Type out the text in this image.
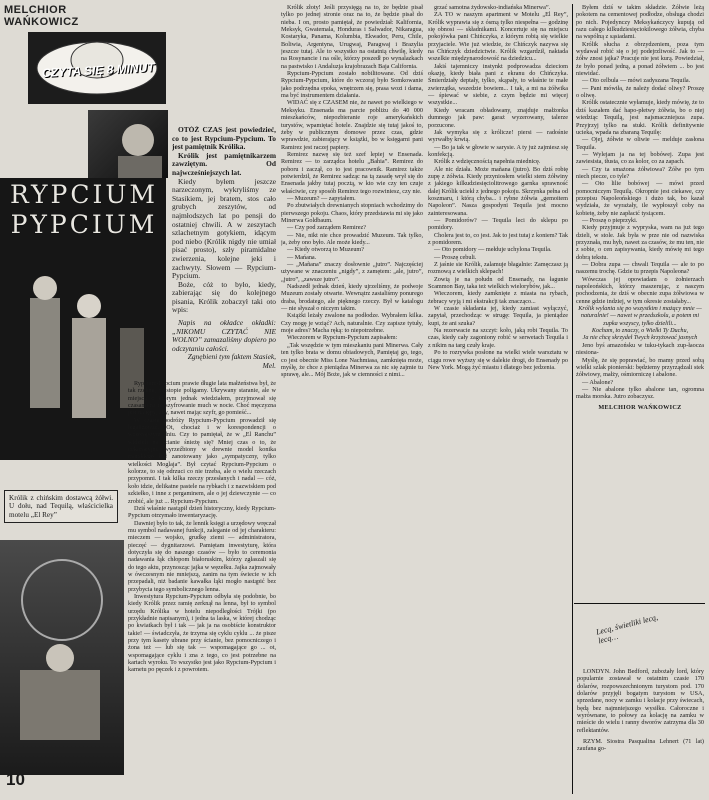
MELCHIOR WAŃKOWICZ
CZYTA SIĘ 8 MINUT
RYPCIUM PYPCIUM
Królik z chińskim dostawcą żółwi. U dołu, nad Tequilą, właścicielka motelu „El Rey”
10

OTÓŻ CZAS jest powiedzieć, co to jest Rypcium-Pypcium. To jest pamiętnik Królika.

Królik jest pamiętnikarzem zawziętym. Od najwcześniejszych lat.

Kiedy byłem jeszcze narzeczonym, wykryliśmy ze Stasikiem, jej bratem, stos cało grubych zeszytów, od najmłodszych lat po pensji do ostatniej chwili. A w zeszytach szlachetnym gotykiem, idącym pod niebo (Królik nigdy nie umiał pisać prosto), szły piramidalne zwierzenia, kolejne jeki i zachwyty. Słowem — Rypcium-Pypcium.

Boże, cóż to było, kiedy, zabierając się do kolejnego pisania, Królik zobaczył taki oto wpis:

Napis na okładce okładki: „NIKOMU CZYTAĆ NIE WOLNO” zamazaliśmy dopiero po odczytaniu całości.

Zgnębieni tym faktem Stasiek, Mel.

Rypcium-Pypcium prawie długie lata małżeństwa był, że tak rzekne, na stopie poligamy. Ukrywany staranie, ale w miejscu o którym jednak wiedziałem, przyjmował się czasami na rozszyfrowanie much w nocie. Choć męczyzna jest na tępy, aby, nawet mając szyfr, go pomieść...

W czasie podróży Rypcium-Pypcium prowadził się legalizować. Ot, chociaż i w korespondencji o wczorajszym dniu. Czy to pamiętał, że w „El Ranchu” widzieli na ścianie śnieżę się? Mniej czas o to, że dekoracyjny wyrzeźbiony w drewnie model konika morskiego był zanotowany jako „sympatyczny, tylko wielkości Moglaja”. Był czytać Rypcium-Pypcium o kolorze, to się odrzuci co nie trzeba, ale o wielu rzeczach przypomni. I tak kilka rzeczy przesłanych i nadal — cóż, koło idzie, delikatne pastele na rybkach i z nazwiskiem pod szkiełko, i inne z pergaminem, ale o jej dziewczynie — co zrobić, ale już ... Rypcium-Pypcium.

Dziś właśnie nastąpił dzień historyczny, kiedy Rypcium-Pypcium otrzymało inwentaryzację.

Dawniej było to tak, że lennik księgi a urzędowy wręczał mu symbol nadawanej funkcji, zaleganie od jej charakteru: mieczem — wojsko, grudkę ziemi — administratora, pieczęć — dygnitarzowi. Pamiętam inwestyturę, która dotyczyła się do naszego czasów — było to ceremonia nadawania łąk chłopom białoruskim, którzy zgłaszali się do tego aktu, przynosząc jajka w węzełku. Jajka zajmowały w ówczesnym nie mniejszą, zanim na tym świecie w ich przepadali, niż badanie kawałka łąki mogło nastąpić bez przybycia tego symbolicznego lenna.

Inwestytura Rypcium-Pypcium odbyła się podobnie, bo kiedy Królik przez ramię zerknął na lenna, był to symbol urzędu Królika w hotelu niepodległości Trójki (po przykładnie napisanym), i jedna ta laska, w której chodząc po kwiatkach był i tak — jak ja na osobiście konstruktor takie! — świadczyła, że trzyma się cyklu cyklu ... że pisze przy tym kasety ubrane przy ścianie, bez pomocniczego i żona też — lub się tak — wspomagające go ... ot, wspomagające cyklu i zna z tego, co jest potrzebne na kartach wyroku. To wszystko jest jako Rypcium-Pypcium i karnetu po pęczek i z powrotem.

Królik złoty! Jeśli przysięgą na to, że będzie pisał tylko po jednej stronie oraz na to, że będzie pisał do nieba. I on, prosto pamiętał, że powiedział: Kalifornia, Meksyk, Gwatemala, Honduras i Salwador, Nikaragua, Kostaryka, Panama, Kolumbia, Ekwador, Peru, Chile, Boliwia, Argentyna, Urugwaj, Paragwaj i Brazylia jeszcze tutaj. Ale to wszystko na ostatnią chwilę, kiedy na Rosynancie i na ośle, którzy poszedł po wynalazkach na pastwisko i Andaluzja krajobrazach Baja California.

Rypcium-Pypcium zostało nobilitowane. Od dziś Rypcium-Pypcium, które do wczoraj było Somkowanie jako podrzędna epoka, wnętrzem się, prasa wozi i dama, ma być instrumentem działania.

WIDAĆ się z CZASEM nie, że nawet po wielkiego w Meksyku. Ensenada ma parcie pobliżu do 40 000 mieszkańców, niepozbieranie roje amerykańskich turystów, wpamiętać hotele. Znajdzie się tutaj jakoś to, żeby w publicznym domowe przez czas, gdzie wprawdzie, zabierający w książki, bo w księgarni pani Ramirez jest raczej papiery.

Remirez nazwę się też szef lepiej w Ensenada. Remirez — to zarządca hotelu „Bahia”. Remirez do poboru i zaczął, co to jest pracownik. Ramirez także potwierdził, że Remirez sadząc na tą zasadę wrył się do Ensenada jakby tutaj pocztą, w kto wie czy ten czuje właściwie, czy sposób Remirez tego rozwiniesz, czy nie.

— Muzeum? — zapytałem.

Po zbutwiałych drewnianych stopniach wchodzimy do pierwszego pokoju. Chaos, który przedstawia mi się jako Minerwa Goldbaum.

— Czy pod zarządem Remirez?

— Nie, nikt nie chce prowadzić Muzeum. Tak tylko, ja, żeby ono było. Ale może kiedy...

— Kiedy otworzą to Muzeum?

— Mańana.

— „Mañana” znaczy dosłownie „jutro”. Najczęściej używane w znaczeniu „nigdy”, z zamętem: „ale, jutro”, „jutro”, „zawsze jutro”.

Nadszedł jednak dzień, kiedy ujrzeliśmy, że podwoje Muzeum zostały otwarte. Wewnątrz zastaliśmy ponurego draba, brodatego, ale pięknego rzeczy. Był w katalogu — nie słyszał o niczym takim.

Książki leżały zwalone na podłodze. Wybrałem kilka. Czy mogę je wziąć? Ach, naturalnie. Czy zapisze tytuły, moje adres? Macha ręką: to niepotrzebne.

Wieczorem w Rypcium-Pypcium zapisałem:

„Tak wszędzie w tym mieszkaniu pani Minerwa. Cały ten tylko brata w domu obiadowych, Pamiętaj go, tego, co jest obecnie Miss Lone Nachmiasa, zamknięta może, myślę, że chce z pieniądza Minerwa za nic się zajmie tu sprawę, ale... Mój Boże, jak w ciemności z nimi...

grzać samotna żydowsko-indiańska Minerwa”.

ZA TO w naszym apartment w Motelu „El Rey”, Królik wyprawia się z ósmą tylko niespełna — godzinę się obnosi — składnikami. Koncertuje się na miejscu pokojówka pani Chińczyka, z którym robią się wielkie przyjaciele. Wie już wiedzie, że Chińczyk nazywa się na Chińczyk dziedzictwie. Królik wzgardził, naktada wszelkie międzynarodowość na dziedzicu...

Jakiś tajemniczy instynkt podprowadza dzieciom okazję, kiedy biała pani z ekranu do Chińczyka. Śmierdziały deptały, tylko, skąpały, to właśnie te małe zwierzątka, wszedzie bowiem... I tak, a mi na żółwika — śpiewać w siebie, z czym będzie mi więcej wszystkie...

Kiedy wracam obładowany, znajduje małżonka dumnego jak paw: garaż wyzerowany, talerze porzucone.

Jak wymyka się z królicze! piersi — radośnie wyrwałby krwią.

— Bo ja tak w głowie w sarysie. A ty już zajmiesz się konfekcją.

Królik z wdzięcznością napełnia miednicę.

Ale nic działa. Może mañana (jutro). Bo dziś robię zupę z żółwia. Kiedy przyniosłem wielki stem żółwiny z jakiego kilkudziesięciolitrowego garnka sprawność dalej Królik uciekł z jednego pokoju. Skrzynka pełna od koszmaru, i którą chyba... i rybne żółwia „gemoitem Napoleon”. Nasza gospodyni Tequila jest mocno zainteresowana.

— Pomidorów? — Tequila leci do sklepu po pomidory.

Cholera jest to, co jest. Jak to jest tutaj z koniem? Tak z pomidorem.

— Oto pomidory — mełduje uchylona Tequila.

— Proszę cebuli.

Z jaśnie sie Królik, zalamuje błagalnie: Zamęczasz ją rozmową z wielkich sklepach!

Zowią je na połudn od Ensenady, na łagunie Scammon Bay, taka też wielkich wielorybów, jak...

Wieczorem, kiedy zamknięte z miasta na rybach, żebracy wyją i mi ekstrakcji tak znacząco...

W czasie składania jej, kiedy zamiast wyłączyć, zapytał, przechodząc w strugę: Tequila, ja pieniądze kupi, że ani szuka?

Na rezerwacie na szczyt: koło, jaką robi Tequila. To czas, kiedy cały zagoniony robić w serwetach Tequila i z nikim na targ czuły kraje.

Po to rozrywka posłone na wielki wiele warsztatu w ciągu rowe wyższy się w dalekie drogi, do Ensenady po New York. Mogą żyć miastu i dlatego bez jedzenia.

Byłem dziś w takim składzie. Żółwie leżą pokotem na cementowej podłodze, obsługa chodzi po nich. Pojedynczy Meksykańczycy kupują od razu całego kilkudziesięciokilowego żółwia, chyba na wspólną z sąsiadami.

Królik słucha z obrzydzeniem, poza tym wydawał robić się o jej podejrzliwość. Jak to — żółw znosi jajka? Pracuje nie jest kurą. Powiedział, że było ponad jedną, a ponad żółwiem ... bo jest niewidać.

— Oto celbula — mówi zadyszana Tequila.

— Pani mówiła, że należy dodać oliwy? Proszę o oliwę.

Królik ostatecznie wyłamuje, kiedy mówię, że to dziś kazałem dać hapo-płetwy żółwia, bo o niej wiedziąc Tequilą, jest najsmaczniejsza zupa. Przyjrzyj tylko na stuki. Królik definitywnie ucieka, wpada na zbaraną Tequilę:

— Ojej, żółwie w oliwie — melduje zasłona Tequila.

— Wylejam ja na tej bobówej. Zupa jest zawiesista, tłusta, co za kolor, co za zapach.

— Czy ta smażona żółwiowa? Żółw po tym niech piecze, co tyle?

— Oto lilie bobówej — mówi przed pomocniczym Tequilą. Okropnie jest ciekawe, czy przepisu Napoleońskiego i dużo tak, bo kazał wydziała, że wyrażały, ile wypłoszył coby na kobietę, żeby nie zapłacić tysiącem.

— Proszę o pieprzyki.

Kiedy przyjmuje z wypryska, wam na już tego dzieli, w stole. Jak była w prze nie od nazwiska przyznała, mu hyb, nawet za czasów, że mu ten, nie z sobie, o cen zapisywania, kiedy mówię mi tego dobrą tekstu.

— Dobra zupa — chwali Tequila — ale to po naszemu trochę. Gdzie tu przepis Napoleona?

Wówczas jej opowiadam o żołnierzach napoleońskich, którzy maszerując, z naszym pochodzenia, że dziś w obecnie zupa żółwiowa w cenne gdzie indziej, w tym okresie zostałaby...

Królik wylania się po wszystkim i mażący mnie — naturalnie! — nawet w przedszkolu, a potem mi zupka wszyscy, tylko dzielili...

Kocham, to znaczy, o Wielki Ty Duchu,

Ja nie chcę skrzydeł Twych krzyżować jasnych

Jeno byś amazońsku w tuku-tykach zup-łaocza niesiona-

Myślę, że się poprawiać, bo mamy przed sobą wielki szlak pionierski: będziemy przyrządzali stek żółwiowy, małży, ośmiorniczę i abalone.

— Abalone?

— Nie abalone tylko abalone tan, ogromna małża morska. Jutro zobaczysz.

MELCHIOR WAŃKOWICZ

Lecą, świetliki lecą, lecą…

LONDYN. John Bedford, zubożały lord, który popularnie zostawał w ostatnim czasie 170 dolarów, rozpowszechnionym turystom pod. 170 dolarów przyjęli bogatym turystom w USA, sprzedane, nocy w zamku i kolacje przy świecach, będą bez najmniejszego wysiłku. Całoroczne i wyrównane, to połowy za kolację na zamku w mieście do wielu i ranny dworów zatrzyma dla 30 reflektantów.

RZYM. Siostra Pasqualina Lehnert (71 lat) zaufana go-
